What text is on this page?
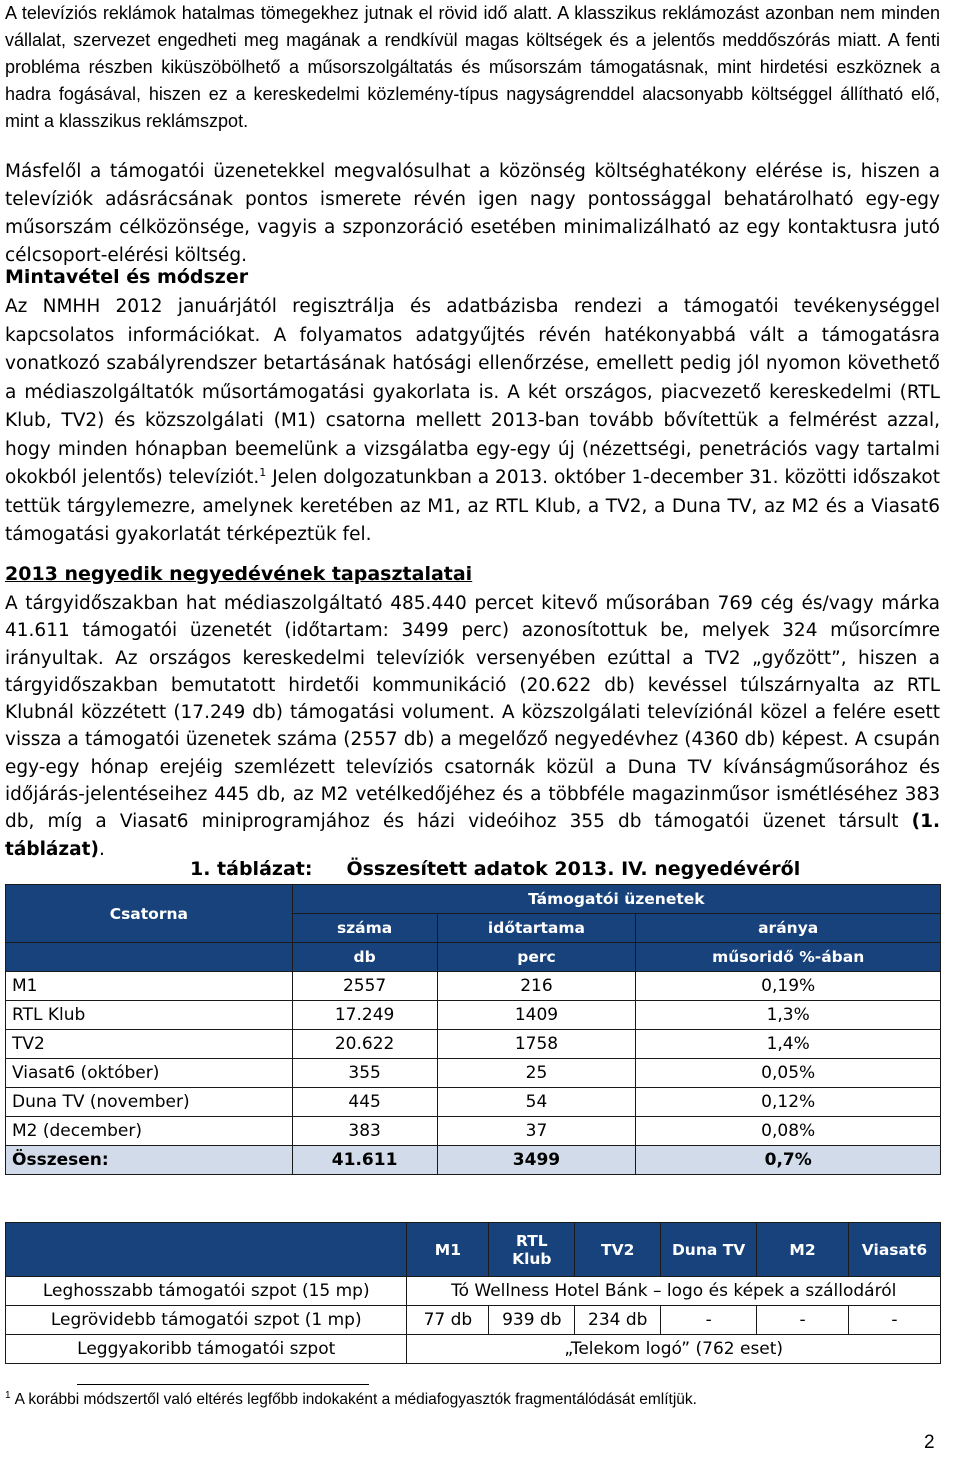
A televíziós reklámok hatalmas tömegekhez jutnak el rövid idő alatt. A klasszikus reklámozást azonban nem minden vállalat, szervezet engedheti meg magának a rendkívül magas költségek és a jelentős meddőszórás miatt. A fenti probléma részben kiküszöbölhető a műsorszolgáltatás és műsorszám támogatásnak, mint hirdetési eszköznek a hadra fogásával, hiszen ez a kereskedelmi közlemény-típus nagyságrenddel alacsonyabb költséggel állítható elő, mint a klasszikus reklámszpot.
Másfelől a támogatói üzenetekkel megvalósulhat a közönség költséghatékony elérése is, hiszen a televíziók adásrácsának pontos ismerete révén igen nagy pontossággal behatárolható egy-egy műsorszám célközönsége, vagyis a szponzoráció esetében minimalizálható az egy kontaktusra jutó célcsoport-elérési költség.
Mintavétel és módszer
Az NMHH 2012 januárjától regisztrálja és adatbázisba rendezi a támogatói tevékenységgel kapcsolatos információkat. A folyamatos adatgyűjtés révén hatékonyabbá vált a támogatásra vonatkozó szabályrendszer betartásának hatósági ellenőrzése, emellett pedig jól nyomon követhető a médiaszolgáltatók műsortámogatási gyakorlata is. A két országos, piacvezető kereskedelmi (RTL Klub, TV2) és közszolgálati (M1) csatorna mellett 2013-ban tovább bővítettük a felmérést azzal, hogy minden hónapban beemelünk a vizsgálatba egy-egy új (nézettségi, penetrációs vagy tartalmi okokból jelentős) televíziót.$^1$ Jelen dolgozatunkban a 2013. október 1-december 31. közötti időszakot tettük tárgylemezre, amelynek keretében az M1, az RTL Klub, a TV2, a Duna TV, az M2 és a Viasat6 támogatási gyakorlatát térképeztük fel.
2013 negyedik negyedévének tapasztalatai
A tárgyidőszakban hat médiaszolgáltató 485.440 percet kitevő műsorában 769 cég és/vagy márka 41.611 támogatói üzenetét (időtartam: 3499 perc) azonosítottuk be, melyek 324 műsorcímre irányultak. Az országos kereskedelmi televíziók versenyében ezúttal a TV2 „győzött”, hiszen a tárgyidőszakban bemutatott hirdetői kommunikáció (20.622 db) kevéssel túlszárnyalta az RTL Klubnál közzétett (17.249 db) támogatási volument. A közszolgálati televíziónál közel a felére esett vissza a támogatói üzenetek száma (2557 db) a megelőző negyedévhez (4360 db) képest. A csupán egy-egy hónap erejéig szemlézett televíziós csatornák közül a Duna TV kívánságműsorához és időjárás-jelentéseihez 445 db, az M2 vetélkedőjéhez és a többféle magazinműsor ismétléséhez 383 db, míg a Viasat6 miniprogramjához és házi videóihoz 355 db támogatói üzenet társult (1. táblázat).
1. táblázat: Összesített adatok 2013. IV. negyedévéről
Csatorna	Támogatói üzenetek		
	száma	időtartama	aránya
	db	perc	műsoridő %-ában
M1	2557	216	0,19%
RTL Klub	17.249	1409	1,3%
TV2	20.622	1758	1,4%
Viasat6 (október)	355	25	0,05%
Duna TV (november)	445	54	0,12%
M2 (december)	383	37	0,08%
Összesen:	41.611	3499	0,7%
	M1	RTL Klub	TV2	Duna TV	M2	Viasat6
Leghosszabb támogatói szpot (15 mp)	Tó Wellness Hotel Bánk – logo és képek a szállodáról					
Legrövidebb támogatói szpot (1 mp)	77 db	939 db	234 db	-	-	-
Leggyakoribb támogatói szpot	„Telekom logó” (762 eset)					
$^1$ A korábbi módszertől való eltérés legfőbb indokaként a médiafogyasztók fragmentálódását említjük.
2
